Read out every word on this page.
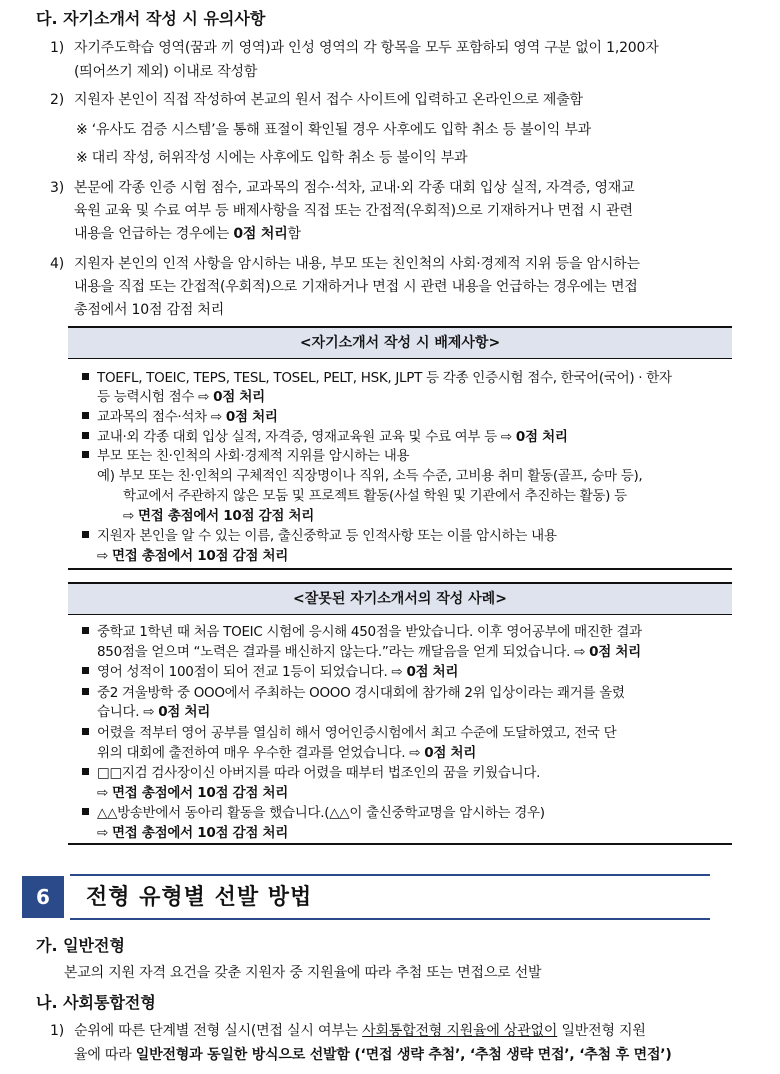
다. 자기소개서 작성 시 유의사항
1) 자기주도학습 영역(꿈과 끼 영역)과 인성 영역의 각 항목을 모두 포함하되 영역 구분 없이 1,200자
(띄어쓰기 제외) 이내로 작성함
2) 지원자 본인이 직접 작성하여 본교의 원서 접수 사이트에 입력하고 온라인으로 제출함
※ ‘유사도 검증 시스템’을 통해 표절이 확인될 경우 사후에도 입학 취소 등 불이익 부과
※ 대리 작성, 허위작성 시에는 사후에도 입학 취소 등 불이익 부과
3) 본문에 각종 인증 시험 점수, 교과목의 점수·석차, 교내·외 각종 대회 입상 실적, 자격증, 영재교
육원 교육 및 수료 여부 등 배제사항을 직접 또는 간접적(우회적)으로 기재하거나 면접 시 관련
내용을 언급하는 경우에는 0점 처리함
4) 지원자 본인의 인적 사항을 암시하는 내용, 부모 또는 친인척의 사회·경제적 지위 등을 암시하는
내용을 직접 또는 간접적(우회적)으로 기재하거나 면접 시 관련 내용을 언급하는 경우에는 면접
총점에서 10점 감점 처리
<자기소개서 작성 시 배제사항>
TOEFL, TOEIC, TEPS, TESL, TOSEL, PELT, HSK, JLPT 등 각종 인증시험 점수, 한국어(국어) · 한자
등 능력시험 점수 ⇨ 0점 처리
교과목의 점수·석차 ⇨ 0점 처리
교내·외 각종 대회 입상 실적, 자격증, 영재교육원 교육 및 수료 여부 등 ⇨ 0점 처리
부모 또는 친·인척의 사회·경제적 지위를 암시하는 내용
예) 부모 또는 친·인척의 구체적인 직장명이나 직위, 소득 수준, 고비용 취미 활동(골프, 승마 등),
학교에서 주관하지 않은 모둠 및 프로젝트 활동(사설 학원 및 기관에서 추진하는 활동) 등
⇨ 면접 총점에서 10점 감점 처리
지원자 본인을 알 수 있는 이름, 출신중학교 등 인적사항 또는 이를 암시하는 내용
⇨ 면접 총점에서 10점 감점 처리
<잘못된 자기소개서의 작성 사례>
중학교 1학년 때 처음 TOEIC 시험에 응시해 450점을 받았습니다. 이후 영어공부에 매진한 결과
850점을 얻으며 “노력은 결과를 배신하지 않는다.”라는 깨달음을 얻게 되었습니다. ⇨ 0점 처리
영어 성적이 100점이 되어 전교 1등이 되었습니다. ⇨ 0점 처리
중2 겨울방학 중 OOO에서 주최하는 OOOO 경시대회에 참가해 2위 입상이라는 쾌거를 올렸
습니다. ⇨ 0점 처리
어렸을 적부터 영어 공부를 열심히 해서 영어인증시험에서 최고 수준에 도달하였고, 전국 단
위의 대회에 출전하여 매우 우수한 결과를 얻었습니다. ⇨ 0점 처리
□□지검 검사장이신 아버지를 따라 어렸을 때부터 법조인의 꿈을 키웠습니다.
⇨ 면접 총점에서 10점 감점 처리
△△방송반에서 동아리 활동을 했습니다.(△△이 출신중학교명을 암시하는 경우)
⇨ 면접 총점에서 10점 감점 처리
6	전형 유형별 선발 방법
가. 일반전형
본교의 지원 자격 요건을 갖춘 지원자 중 지원율에 따라 추첨 또는 면접으로 선발
나. 사회통합전형
1) 순위에 따른 단계별 전형 실시(면접 실시 여부는 사회통합전형 지원율에 상관없이 일반전형 지원
율에 따라 일반전형과 동일한 방식으로 선발함 (‘면접 생략 추첨’, ‘추첨 생략 면접’, ‘추첨 후 면접’)
